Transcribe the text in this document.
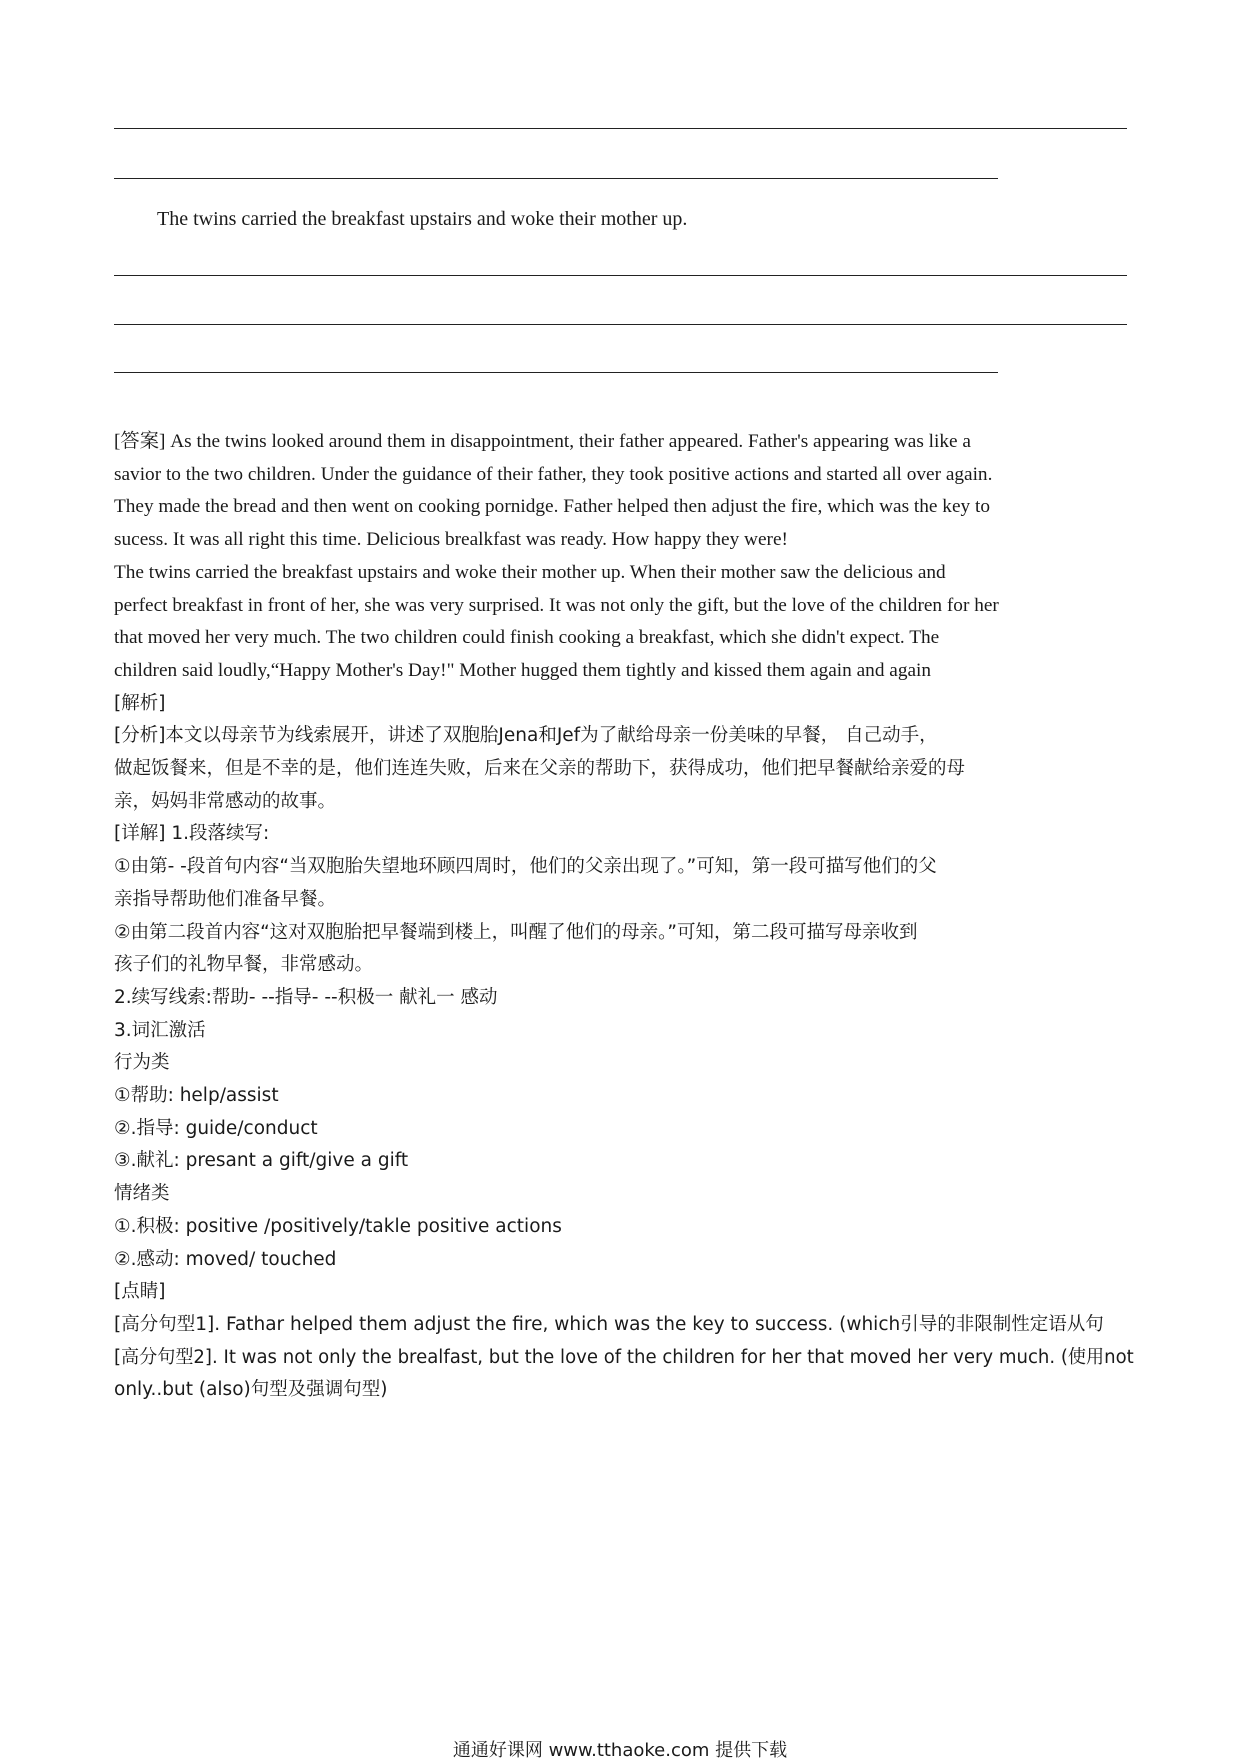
The twins carried the breakfast upstairs and woke their mother up.

[答案] As the twins looked around them in disappointment, their father appeared. Father's appearing was like a

savior to the two children. Under the guidance of their father, they took positive actions and started all over again.

They made the bread and then went on cooking pornidge. Father helped then adjust the fire, which was the key to

sucess. It was all right this time. Delicious brealkfast was ready. How happy they were!

The twins carried the breakfast upstairs and woke their mother up. When their mother saw the delicious and

perfect breakfast in front of her, she was very surprised. It was not only the gift, but the love of the children for her

that moved her very much. The two children could finish cooking a breakfast, which she didn't expect. The

children said loudly,“Happy Mother's Day!" Mother hugged them tightly and kissed them again and again

[解析]

[分析]本文以母亲节为线索展开，讲述了双胞胎Jena和Jef为了献给母亲一份美味的早餐， 自己动手，

做起饭餐来，但是不幸的是，他们连连失败，后来在父亲的帮助下，获得成功，他们把早餐献给亲爱的母

亲，妈妈非常感动的故事。

[详解] 1.段落续写:

①由第- -段首句内容“当双胞胎失望地环顾四周时，他们的父亲出现了。”可知，第一段可描写他们的父

亲指导帮助他们准备早餐。

②由第二段首内容“这对双胞胎把早餐端到楼上，叫醒了他们的母亲。”可知，第二段可描写母亲收到

孩子们的礼物早餐，非常感动。

2.续写线索:帮助- --指导- --积极一 献礼一 感动

3.词汇激活

行为类

①帮助: help/assist

②.指导: guide/conduct

③.献礼: presant a gift/give a gift

情绪类

①.积极: positive /positively/takle positive actions

②.感动: moved/ touched

[点睛]

[高分句型1]. Fathar helped them adjust the fire, which was the key to success. (which引导的非限制性定语从句

[高分句型2]. It was not only the brealfast, but the love of the children for her that moved her very much. (使用not

only..but (also)句型及强调句型)

通通好课网 www.tthaoke.com 提供下载
